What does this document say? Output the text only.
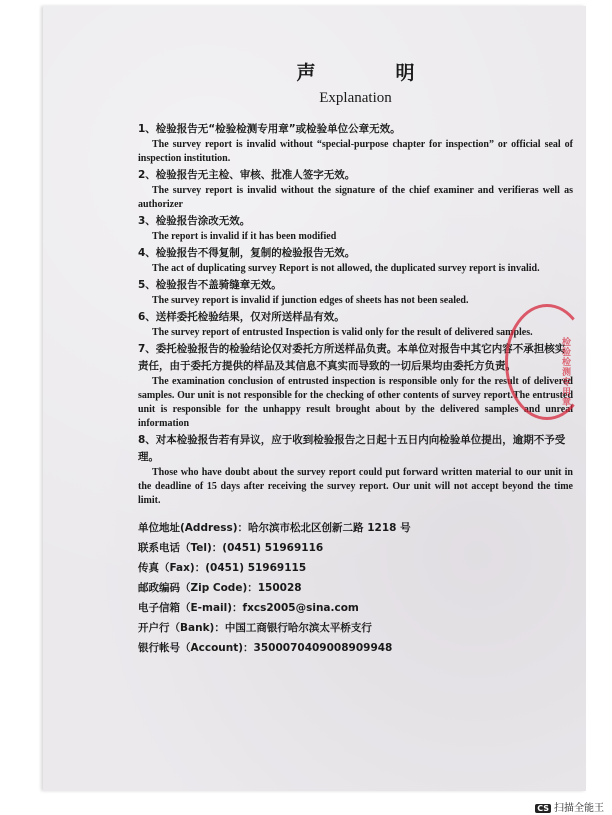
声明

Explanation

1、检验报告无“检验检测专用章”或检验单位公章无效。

The survey report is invalid without “special-purpose chapter for inspection” or official seal of inspection institution.

2、检验报告无主检、审核、批准人签字无效。

The survey report is invalid without the signature of the chief examiner and verifieras well as authorizer

3、检验报告涂改无效。

The report is invalid if it has been modified

4、检验报告不得复制，复制的检验报告无效。

The act of duplicating survey Report is not allowed, the duplicated survey report is invalid.

5、检验报告不盖骑缝章无效。

The survey report is invalid if junction edges of sheets has not been sealed.

6、送样委托检验结果，仅对所送样品有效。

The survey report of entrusted Inspection is valid only for the result of delivered samples.

7、委托检验报告的检验结论仅对委托方所送样品负责。本单位对报告中其它内容不承担核实责任，由于委托方提供的样品及其信息不真实而导致的一切后果均由委托方负责。

The examination conclusion of entrusted inspection is responsible only for the result of delivered samples. Our unit is not responsible for the checking of other contents of survey report.The entrusted unit is responsible for the unhappy result brought about by the delivered samples and unreal information

8、对本检验报告若有异议，应于收到检验报告之日起十五日内向检验单位提出，逾期不予受理。

Those who have doubt about the survey report could put forward written material to our unit in the deadline of 15 days after receiving the survey report. Our unit will not accept beyond the time limit.

单位地址(Address)：哈尔滨市松北区创新二路 1218 号

联系电话（Tel)：(0451) 51969116

传真（Fax)：(0451) 51969115

邮政编码（Zip Code)：150028

电子信箱（E-mail)：fxcs2005@sina.com

开户行（Bank)：中国工商银行哈尔滨太平桥支行

银行帐号（Account)：3500070409008909948

检验检测专用章
CS 扫描全能王
